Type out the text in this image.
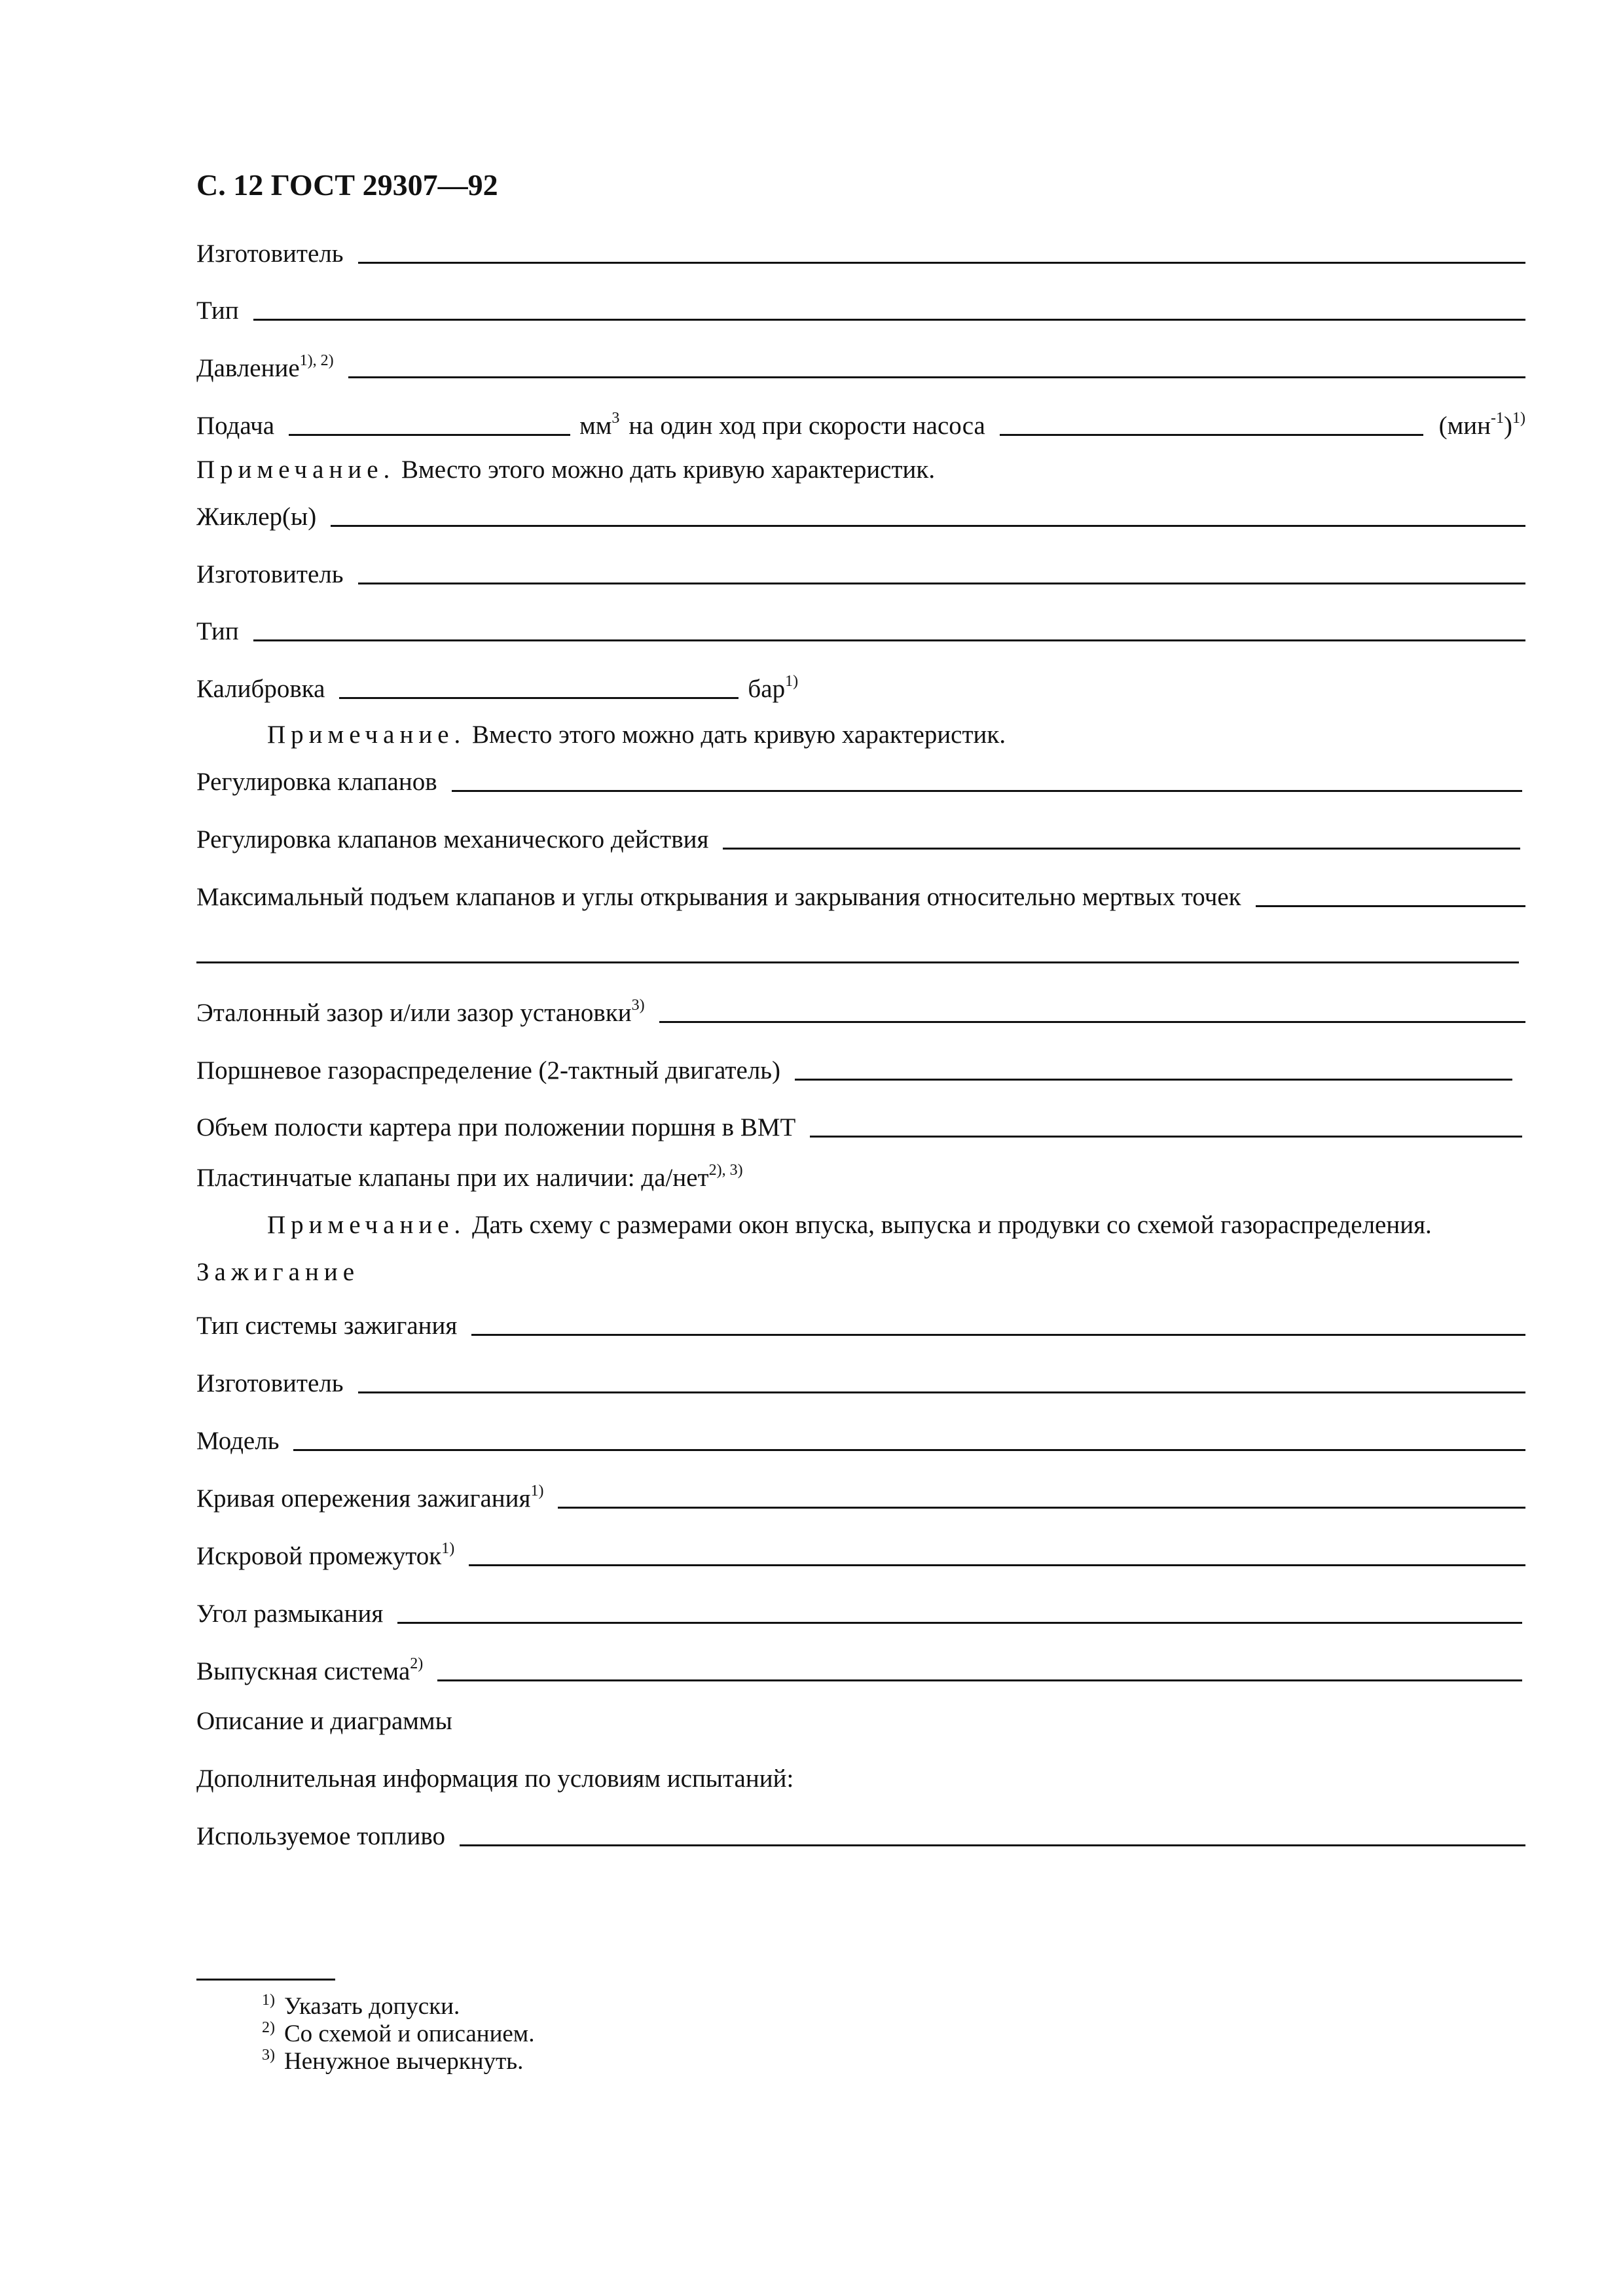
С. 12 ГОСТ 29307—92
Изготовитель
Тип
Давление$^{1), 2)}$
Подача	$мм^3$ на один ход при скорости насоса	$(мин^{-1})^{1)}$
Примечание. Вместо этого можно дать кривую характеристик.
Жиклер(ы)
Изготовитель
Тип
Калибровка	бар$^{1)}$
Примечание. Вместо этого можно дать кривую характеристик.
Регулировка клапанов
Регулировка клапанов механического действия
Максимальный подъем клапанов и углы открывания и закрывания относительно мертвых точек
Эталонный зазор и/или зазор установки$^{3)}$
Поршневое газораспределение (2-тактный двигатель)
Объем полости картера при положении поршня в ВМТ
Пластинчатые клапаны при их наличии: да/нет$^{2), 3)}$
Примечание. Дать схему с размерами окон впуска, выпуска и продувки со схемой газораспределения.
Зажигание
Тип системы зажигания
Изготовитель
Модель
Кривая опережения зажигания$^{1)}$
Искровой промежуток$^{1)}$
Угол размыкания
Выпускная система$^{2)}$
Описание и диаграммы
Дополнительная информация по условиям испытаний:
Используемое топливо
$^{1)}$ Указать допуски.
$^{2)}$ Со схемой и описанием.
$^{3)}$ Ненужное вычеркнуть.
